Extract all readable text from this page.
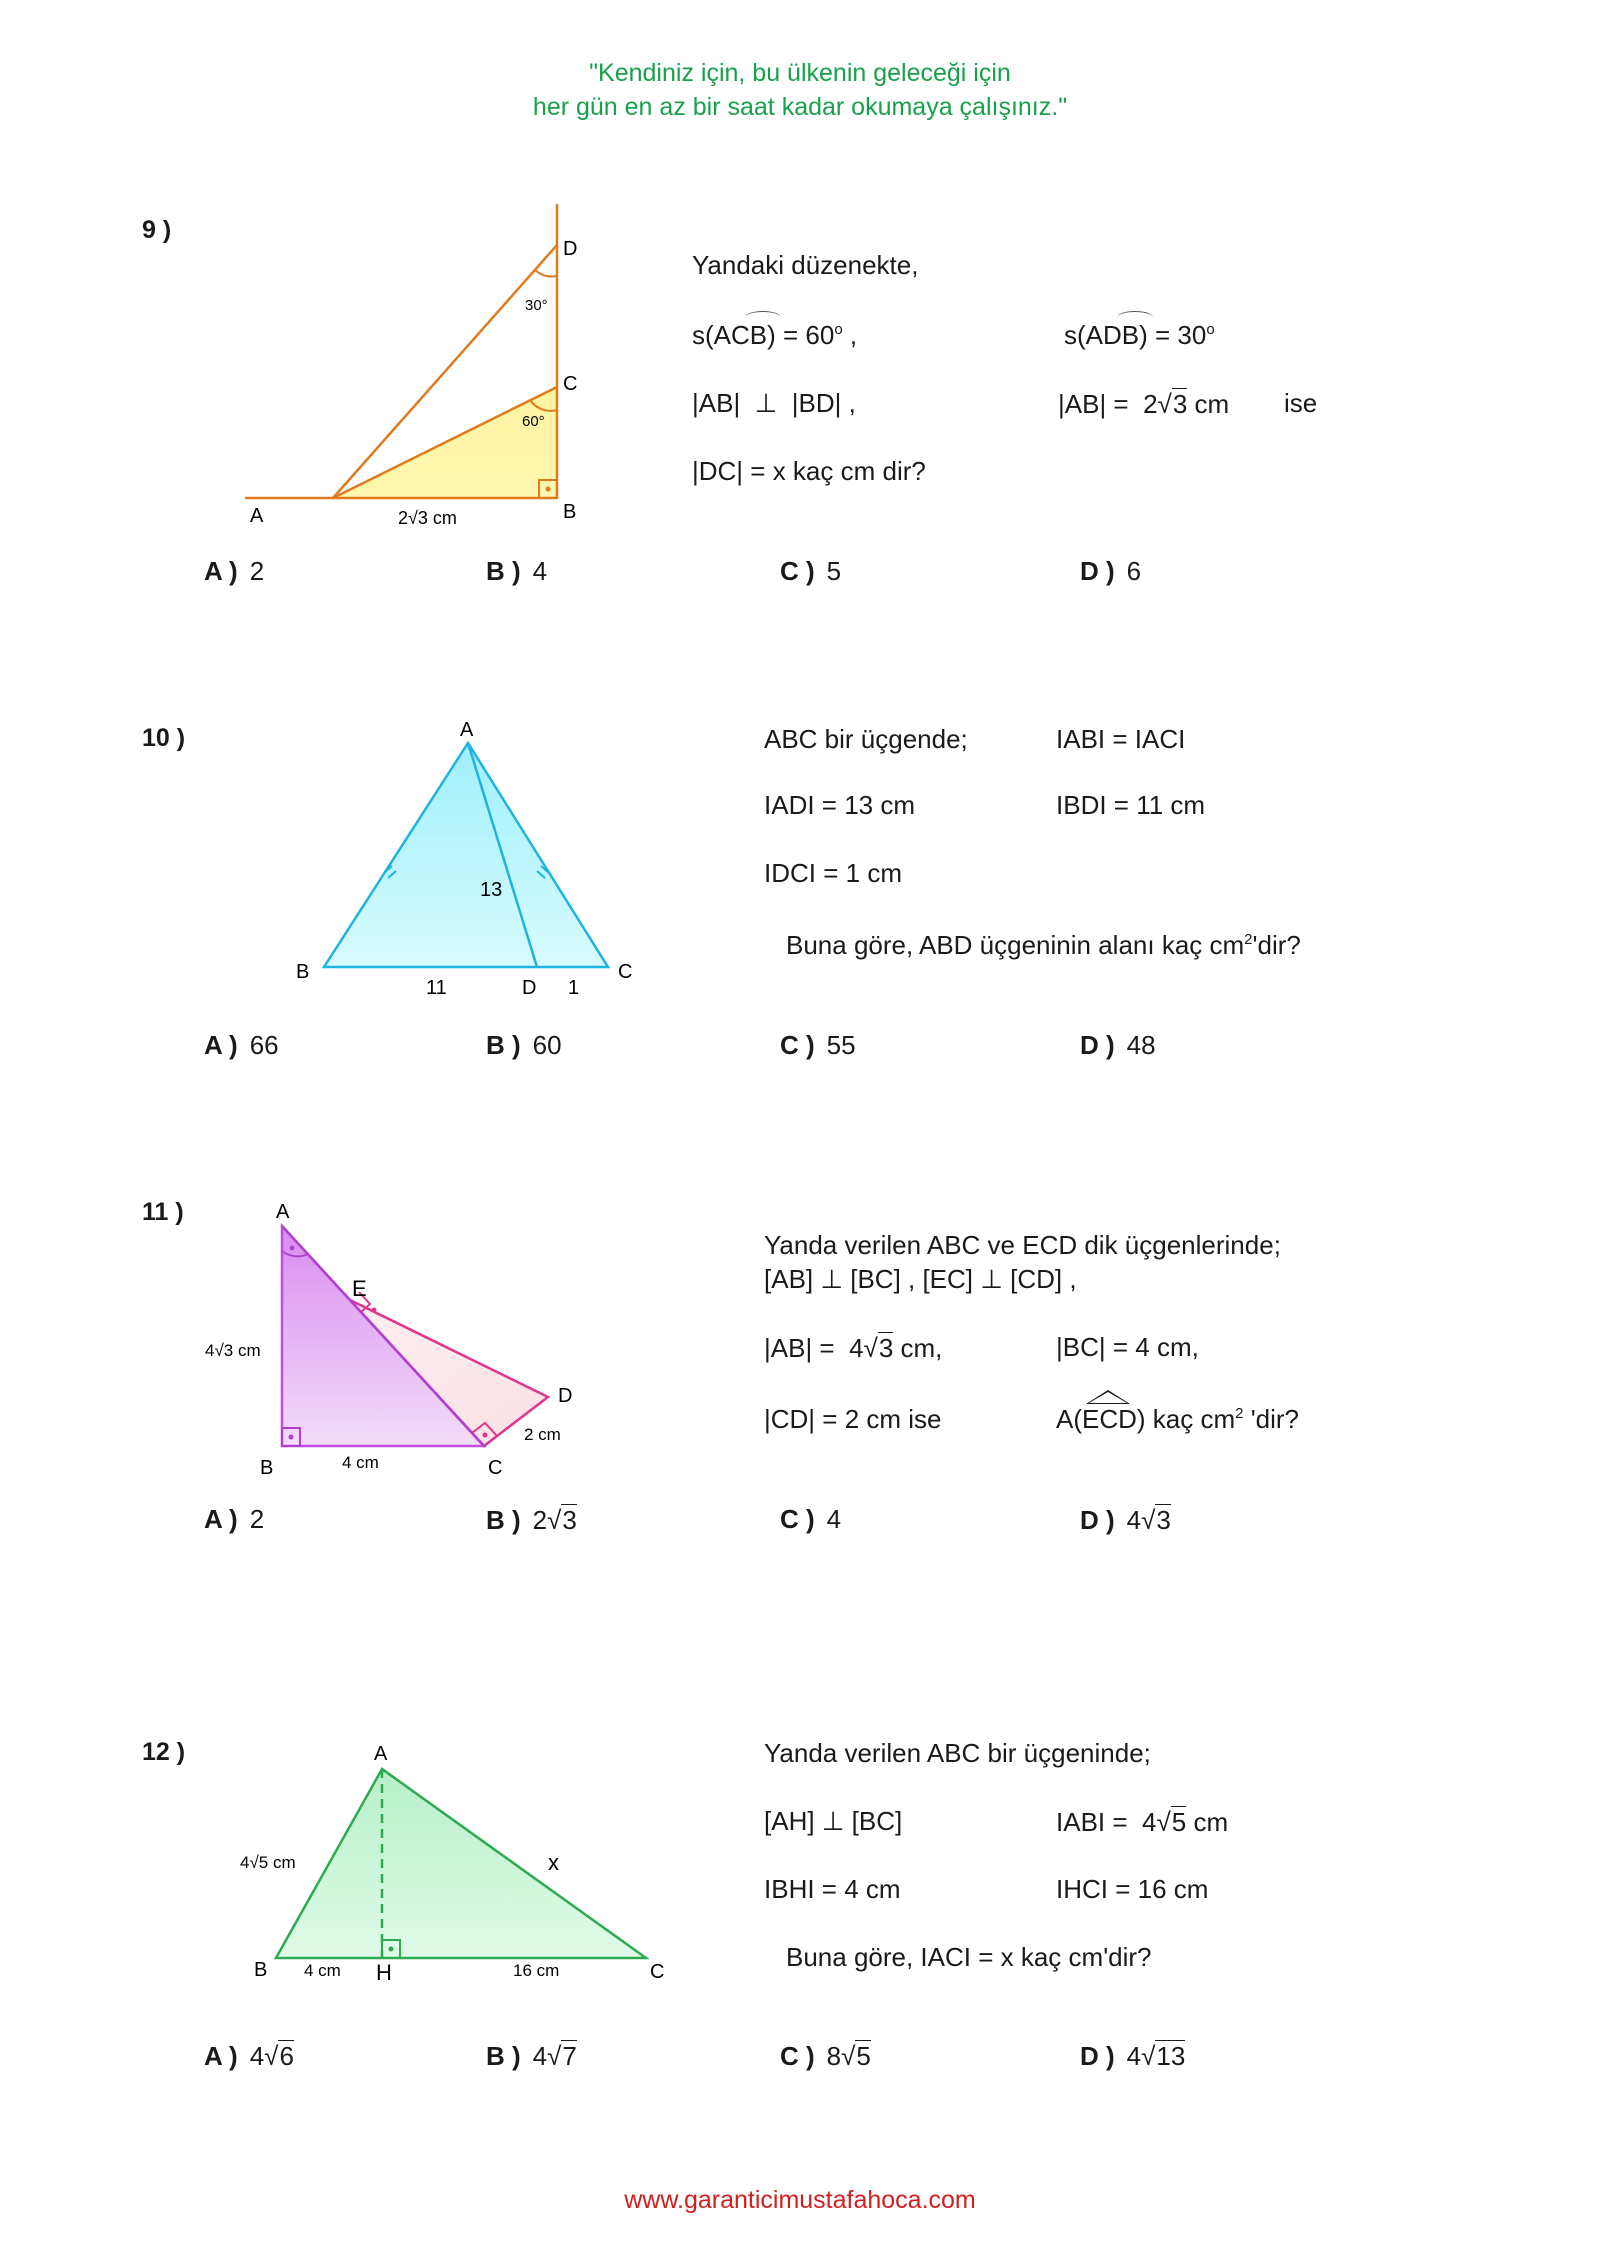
"Kendiniz için, bu ülkenin geleceği için
her gün en az bir saat kadar okumaya çalışınız."
9 )
D
C
B
A
30°
60°
2√3 cm
Yandaki düzenekte,
$s(ACB) = 60^o$ ,	$s(ADB) = 30^o$
|AB|  ⊥  |BD| ,	|AB| = 2√3 cm ise
|DC| = x kaç cm dir?
A ) 2	B ) 4	C ) 5	D ) 6
10 )	A
B	C
D
13
11	1
ABC bir üçgende;	IABI = IACI
IADI = 13 cm	IBDI = 11 cm
IDCI = 1 cm
Buna göre, ABD üçgeninin alanı kaç $cm^2'dir$?
A ) 66	B ) 60	C ) 55	D ) 48
11 )	A
B	C
D
E
4√3 cm
4 cm
2 cm
Yanda verilen ABC ve ECD dik üçgenlerinde;
[AB] ⊥ [BC] , [EC] ⊥ [CD] ,
|AB| = 4√3 cm,	|BC| = 4 cm,
|CD| = 2 cm ise	A(ECD) kaç $cm^2$ 'dir?
A ) 2	B ) 2√3	C ) 4	D ) 4√3
12 )	A
B	C
H
4√5 cm
4 cm	16 cm
x
Yanda verilen ABC bir üçgeninde;
[AH] ⊥ [BC]	IABI = 4√5 cm
IBHI = 4 cm	IHCI = 16 cm
Buna göre, IACI = x kaç cm'dir?
A ) 4√6	B ) 4√7	C ) 8√5	D ) 4√13
www.garanticimustafahoca.com
